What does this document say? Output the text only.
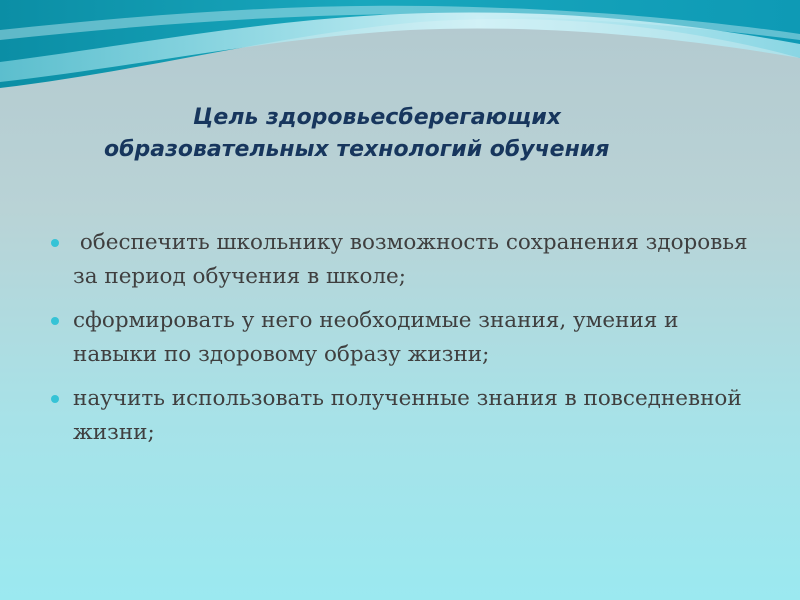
Цель здоровьесберегающих
образовательных технологий обучения
обеспечить школьнику возможность сохранения здоровья за период обучения в школе;
сформировать у него необходимые знания, умения и навыки по здоровому образу жизни;
научить использовать полученные знания в повседневной жизни;
